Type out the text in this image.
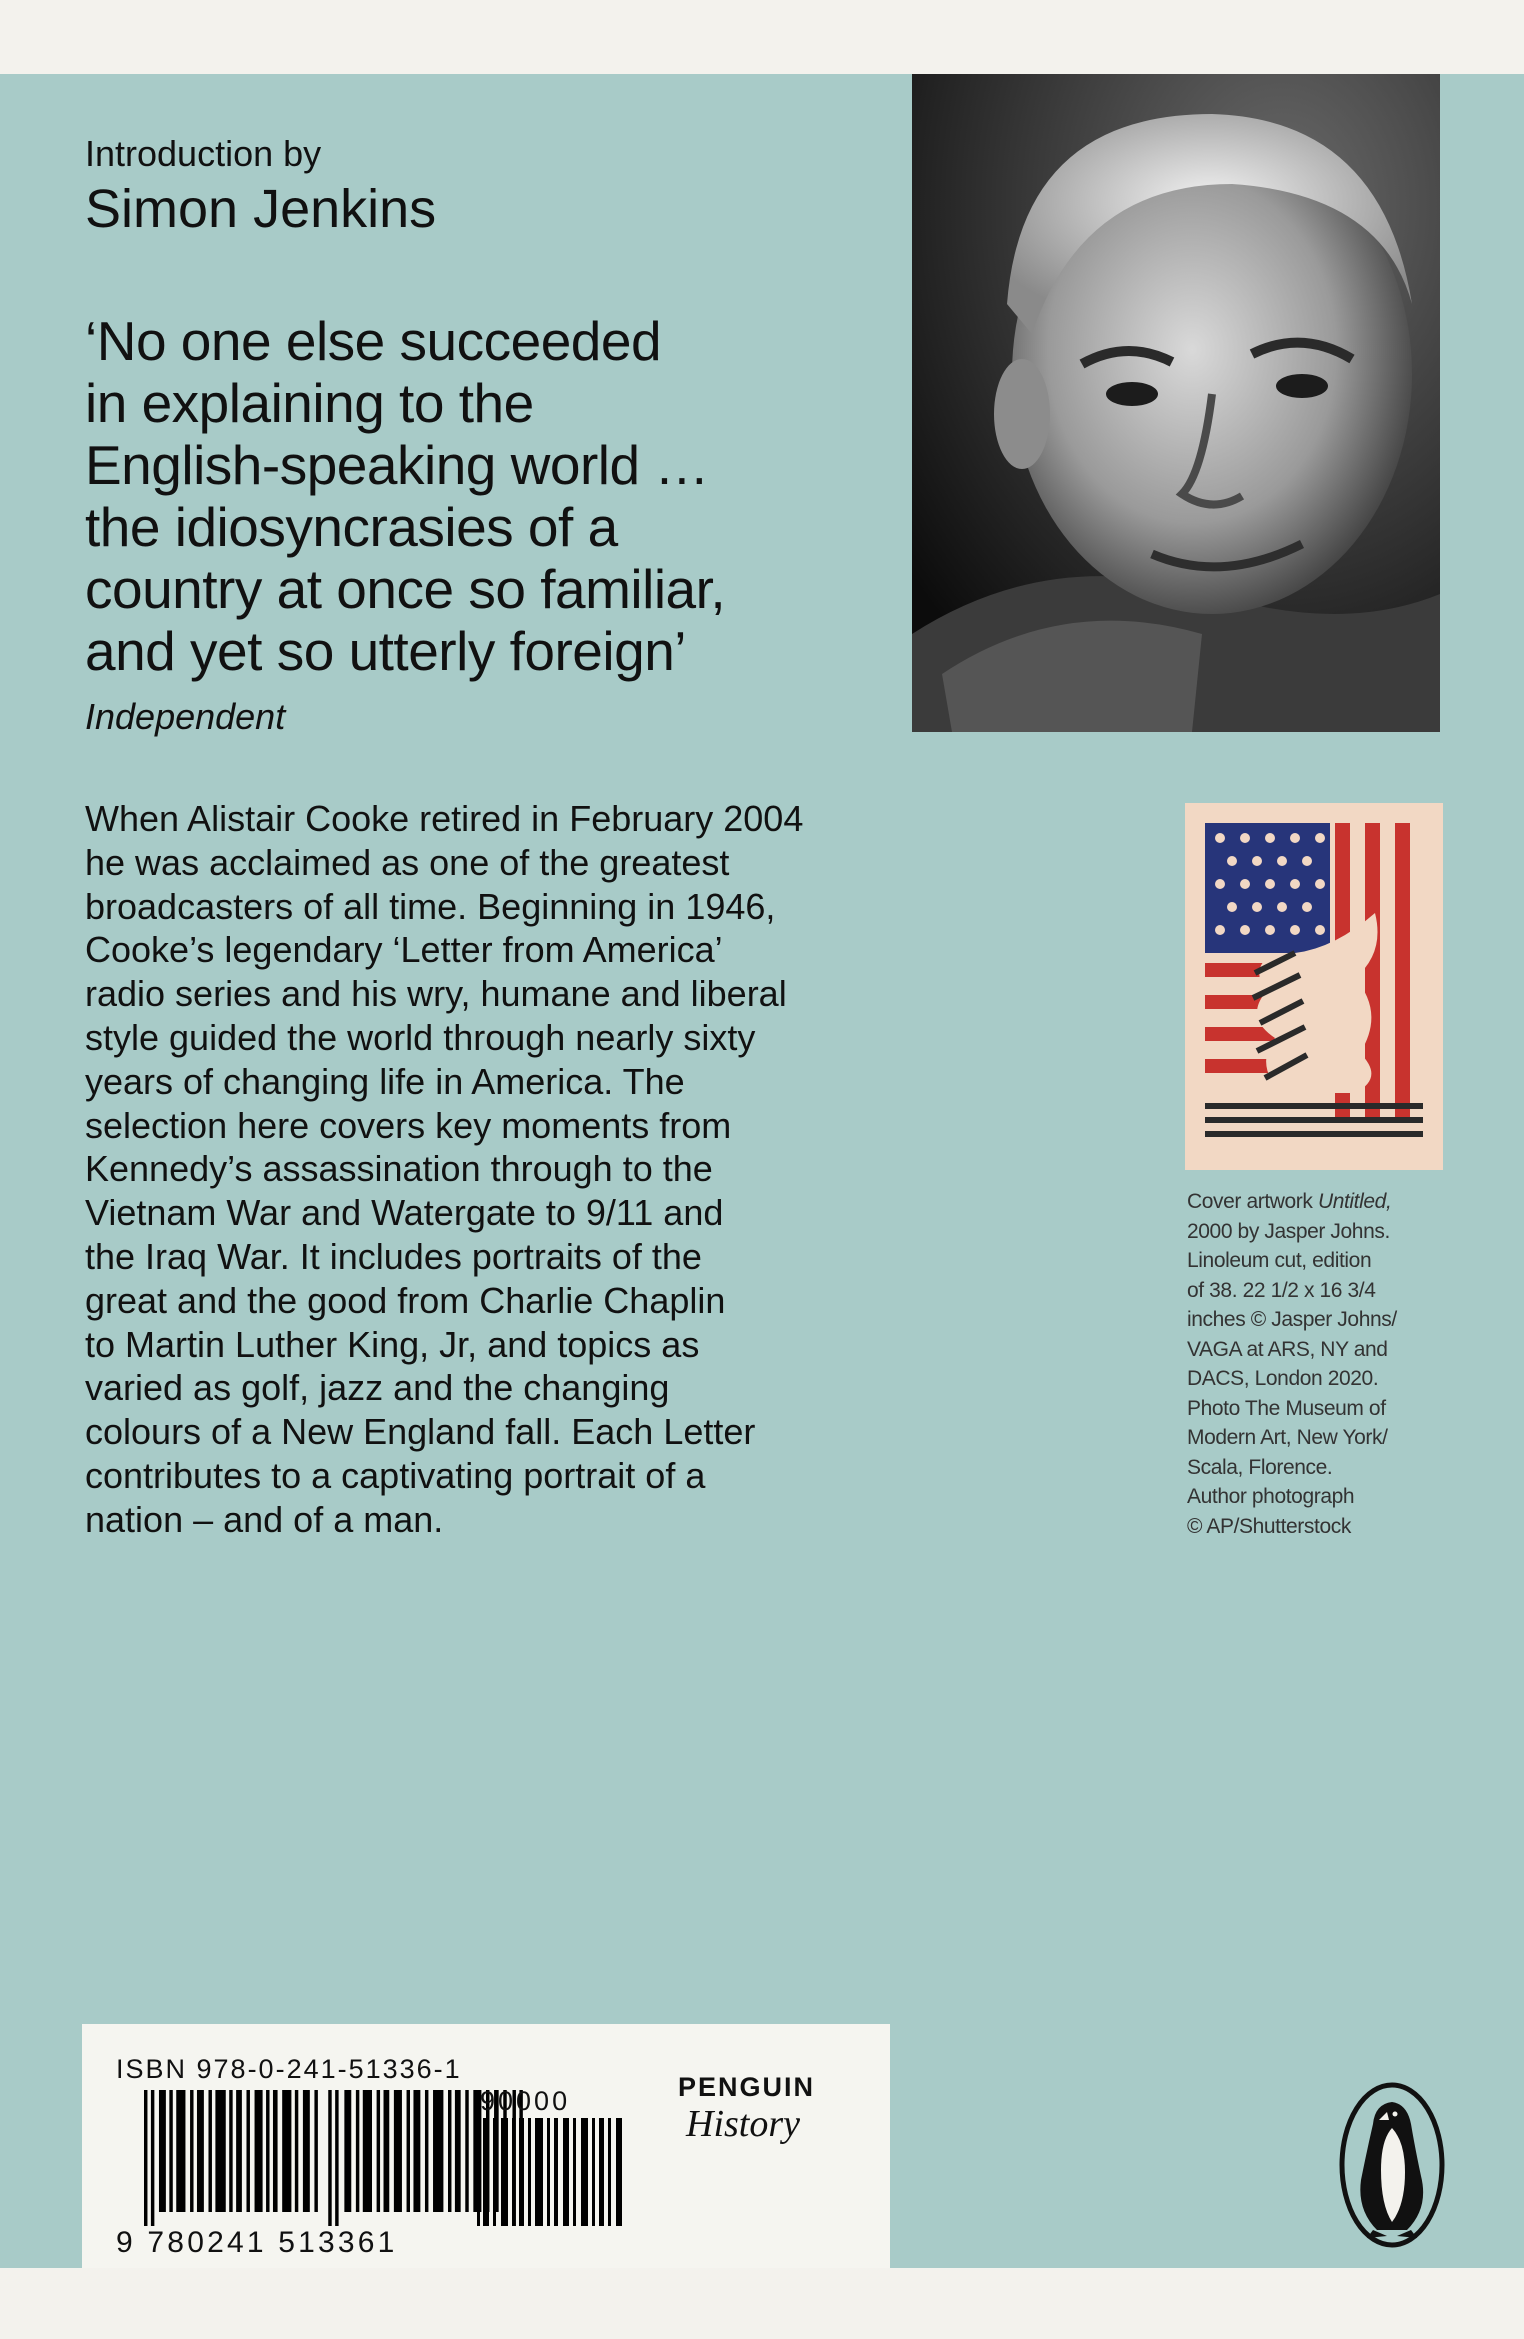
Introduction by
Simon Jenkins
‘No one else succeeded
in explaining to the
English-speaking world …
the idiosyncrasies of a
country at once so familiar,
and yet so utterly foreign’
Independent
When Alistair Cooke retired in February 2004
he was acclaimed as one of the greatest
broadcasters of all time. Beginning in 1946,
Cooke’s legendary ‘Letter from America’
radio series and his wry, humane and liberal
style guided the world through nearly sixty
years of changing life in America. The
selection here covers key moments from
Kennedy’s assassination through to the
Vietnam War and Watergate to 9/11 and
the Iraq War. It includes portraits of the
great and the good from Charlie Chaplin
to Martin Luther King, Jr, and topics as
varied as golf, jazz and the changing
colours of a New England fall. Each Letter
contributes to a captivating portrait of a
nation – and of a man.
Cover artwork Untitled,
2000 by Jasper Johns.
Linoleum cut, edition
of 38. 22 1/2 x 16 3/4
inches © Jasper Johns/
VAGA at ARS, NY and
DACS, London 2020.
Photo The Museum of
Modern Art, New York/
Scala, Florence.
Author photograph
© AP/Shutterstock
ISBN 978-0-241-51336-1
90000
9 780241 513361
PENGUIN
History
